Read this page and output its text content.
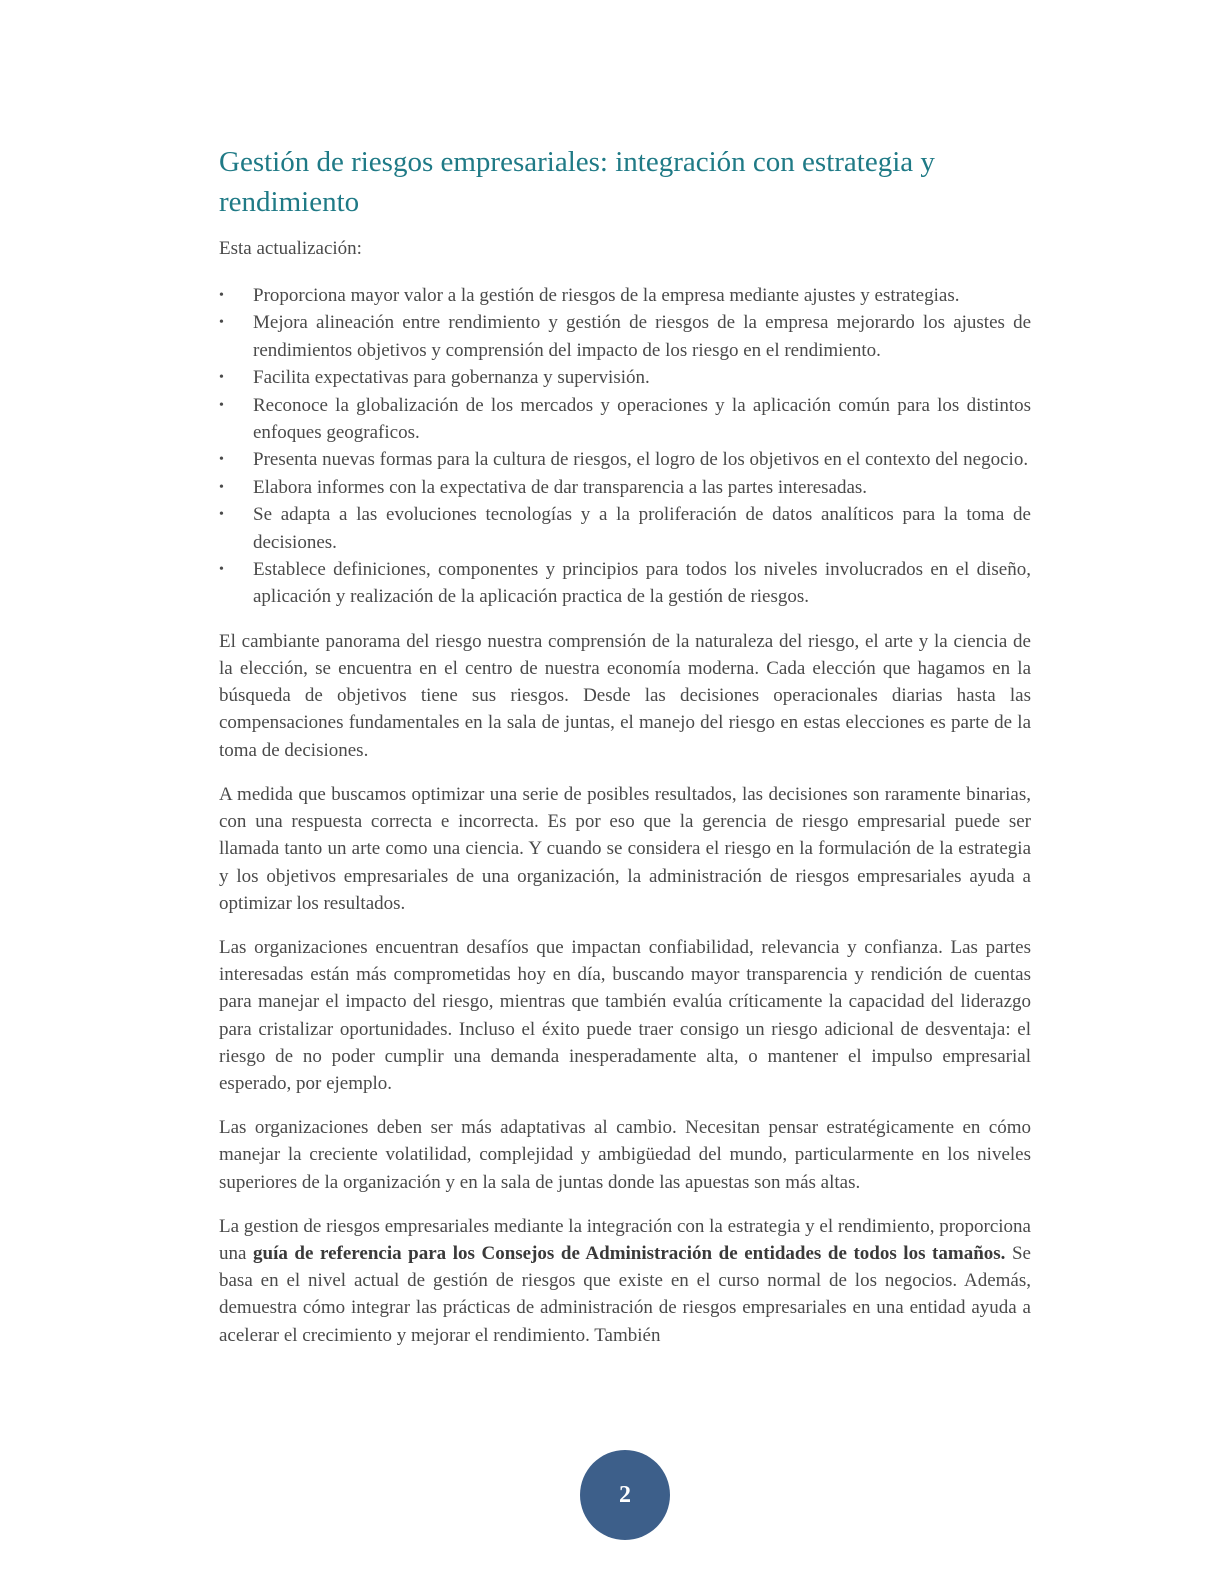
Gestión de riesgos empresariales: integración con estrategia y rendimiento

Esta actualización:

• Proporciona mayor valor a la gestión de riesgos de la empresa mediante ajustes y estrategias.
• Mejora alineación entre rendimiento y gestión de riesgos de la empresa mejorardo los ajustes de rendimientos objetivos y comprensión del impacto de los riesgo en el rendimiento.
• Facilita expectativas para gobernanza y supervisión.
• Reconoce la globalización de los mercados y operaciones y la aplicación común para los distintos enfoques geograficos.
• Presenta nuevas formas para la cultura de riesgos, el logro de los objetivos en el contexto del negocio.
• Elabora informes con la expectativa de dar transparencia a las partes interesadas.
• Se adapta a las evoluciones tecnologías y a la proliferación de datos analíticos para la toma de decisiones.
• Establece definiciones, componentes y principios para todos los niveles involucrados en el diseño, aplicación y realización de la aplicación practica de la gestión de riesgos.

El cambiante panorama del riesgo nuestra comprensión de la naturaleza del riesgo, el arte y la ciencia de la elección, se encuentra en el centro de nuestra economía moderna. Cada elección que hagamos en la búsqueda de objetivos tiene sus riesgos. Desde las decisiones operacionales diarias hasta las compensaciones fundamentales en la sala de juntas, el manejo del riesgo en estas elecciones es parte de la toma de decisiones.

A medida que buscamos optimizar una serie de posibles resultados, las decisiones son raramente binarias, con una respuesta correcta e incorrecta. Es por eso que la gerencia de riesgo empresarial puede ser llamada tanto un arte como una ciencia. Y cuando se considera el riesgo en la formulación de la estrategia y los objetivos empresariales de una organización, la administración de riesgos empresariales ayuda a optimizar los resultados.

Las organizaciones encuentran desafíos que impactan confiabilidad, relevancia y confianza. Las partes interesadas están más comprometidas hoy en día, buscando mayor transparencia y rendición de cuentas para manejar el impacto del riesgo, mientras que también evalúa críticamente la capacidad del liderazgo para cristalizar oportunidades. Incluso el éxito puede traer consigo un riesgo adicional de desventaja: el riesgo de no poder cumplir una demanda inesperadamente alta, o mantener el impulso empresarial esperado, por ejemplo.

Las organizaciones deben ser más adaptativas al cambio. Necesitan pensar estratégicamente en cómo manejar la creciente volatilidad, complejidad y ambigüedad del mundo, particularmente en los niveles superiores de la organización y en la sala de juntas donde las apuestas son más altas.

La gestion de riesgos empresariales mediante la integración con la estrategia y el rendimiento, proporciona una guía de referencia para los Consejos de Administración de entidades de todos los tamaños. Se basa en el nivel actual de gestión de riesgos que existe en el curso normal de los negocios. Además, demuestra cómo integrar las prácticas de administración de riesgos empresariales en una entidad ayuda a acelerar el crecimiento y mejorar el rendimiento. También

2
